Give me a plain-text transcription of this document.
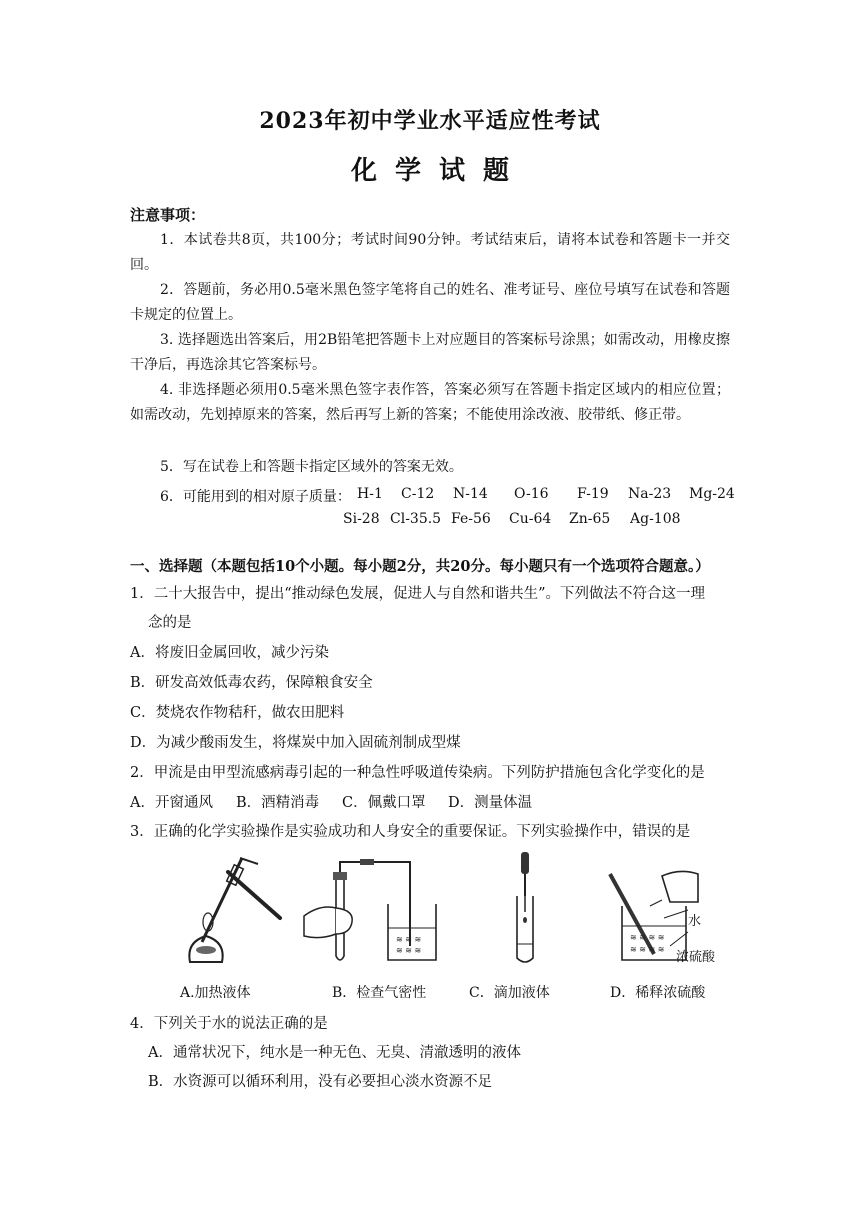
2023年初中学业水平适应性考试
化学试题
注意事项：
1．本试卷共8页，共100分；考试时间90分钟。考试结束后，请将本试卷和答题卡一并交回。
2．答题前，务必用0.5毫米黑色签字笔将自己的姓名、准考证号、座位号填写在试卷和答题卡规定的位置上。
3. 选择题选出答案后，用2B铅笔把答题卡上对应题目的答案标号涂黑；如需改动，用橡皮擦干净后，再选涂其它答案标号。
4. 非选择题必须用0.5毫米黑色签字表作答，答案必须写在答题卡指定区域内的相应位置；如需改动，先划掉原来的答案，然后再写上新的答案；不能使用涂改液、胶带纸、修正带。
5．写在试卷上和答题卡指定区域外的答案无效。
6．可能用到的相对原子质量： H-1 C-12 N-14 O-16 F-19 Na-23 Mg-24
Si-28 Cl-35.5 Fe-56 Cu-64 Zn-65 Ag-108
一、选择题（本题包括10个小题。每小题2分，共20分。每小题只有一个选项符合题意。）
1．二十大报告中，提出“推动绿色发展，促进人与自然和谐共生”。下列做法不符合这一理
念的是
A．将废旧金属回收，减少污染
B．研发高效低毒农药，保障粮食安全
C．焚烧农作物秸秆，做农田肥料
D．为减少酸雨发生，将煤炭中加入固硫剂制成型煤
2．甲流是由甲型流感病毒引起的一种急性呼吸道传染病。下列防护措施包含化学变化的是
A．开窗通风	B．酒精消毒	C．佩戴口罩	D．测量体温
3．正确的化学实验操作是实验成功和人身安全的重要保证。下列实验操作中，错误的是
≋ ≋ ≋
≋ ≋ ≋
≋ ≋ ≋ ≋
≋ ≋ ≋ ≋
水
浓硫酸
A.加热液体	B．检查气密性	C．滴加液体	D．稀释浓硫酸
4．下列关于水的说法正确的是
A．通常状况下，纯水是一种无色、无臭、清澈透明的液体
B．水资源可以循环利用，没有必要担心淡水资源不足
